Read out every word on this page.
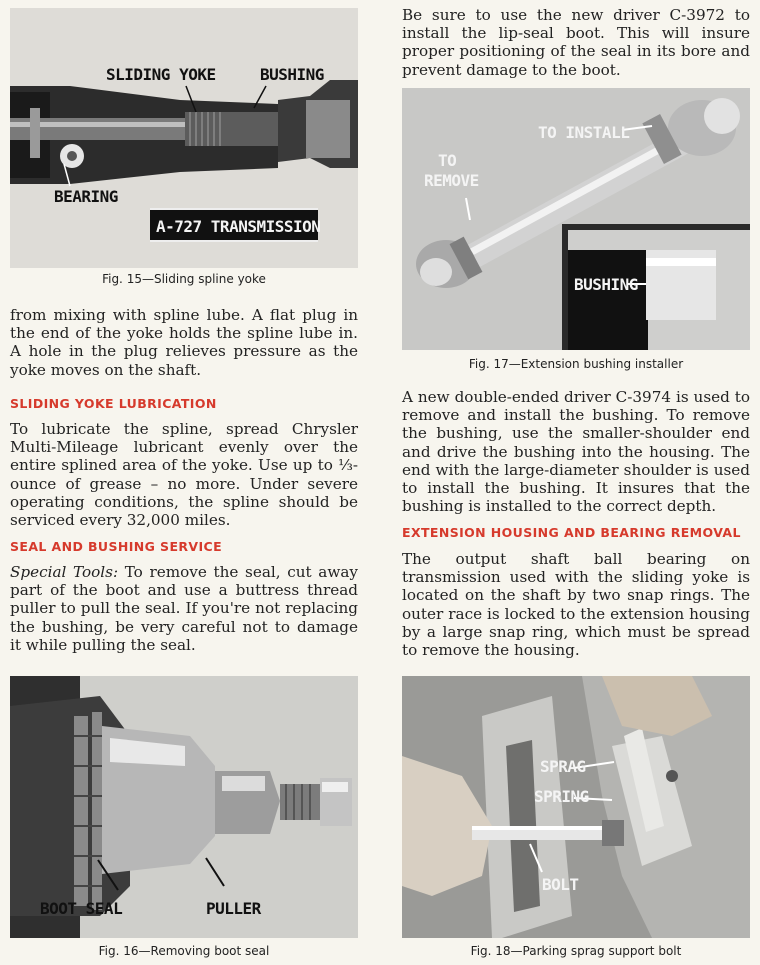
SLIDING YOKE	BUSHING
BEARING
A-727 TRANSMISSION
Fig. 15—Sliding spline yoke

from mixing with spline lube. A flat plug in the end of the yoke holds the spline lube in. A hole in the plug relieves pressure as the yoke moves on the shaft.

SLIDING YOKE LUBRICATION

To lubricate the spline, spread Chrysler Multi-Mileage lubricant evenly over the entire splined area of the yoke. Use up to ⅓-ounce of grease – no more. Under severe operating conditions, the spline should be serviced every 32,000 miles.

SEAL AND BUSHING SERVICE

Special Tools: To remove the seal, cut away part of the boot and use a buttress thread puller to pull the seal. If you're not replacing the bushing, be very careful not to damage it while pulling the seal.

BOOT SEAL	PULLER
Fig. 16—Removing boot seal

Be sure to use the new driver C-3972 to install the lip-seal boot. This will insure proper positioning of the seal in its bore and prevent damage to the boot.

TO INSTALL
TO
REMOVE
BUSHING
Fig. 17—Extension bushing installer

A new double-ended driver C-3974 is used to remove and install the bushing. To remove the bushing, use the smaller-shoulder end and drive the bushing into the housing. The end with the large-diameter shoulder is used to install the bushing. It insures that the bushing is installed to the correct depth.

EXTENSION HOUSING AND BEARING REMOVAL

The output shaft ball bearing on transmission used with the sliding yoke is located on the shaft by two snap rings. The outer race is locked to the extension housing by a large snap ring, which must be spread to remove the housing.

SPRAG
SPRING
BOLT
Fig. 18—Parking sprag support bolt
